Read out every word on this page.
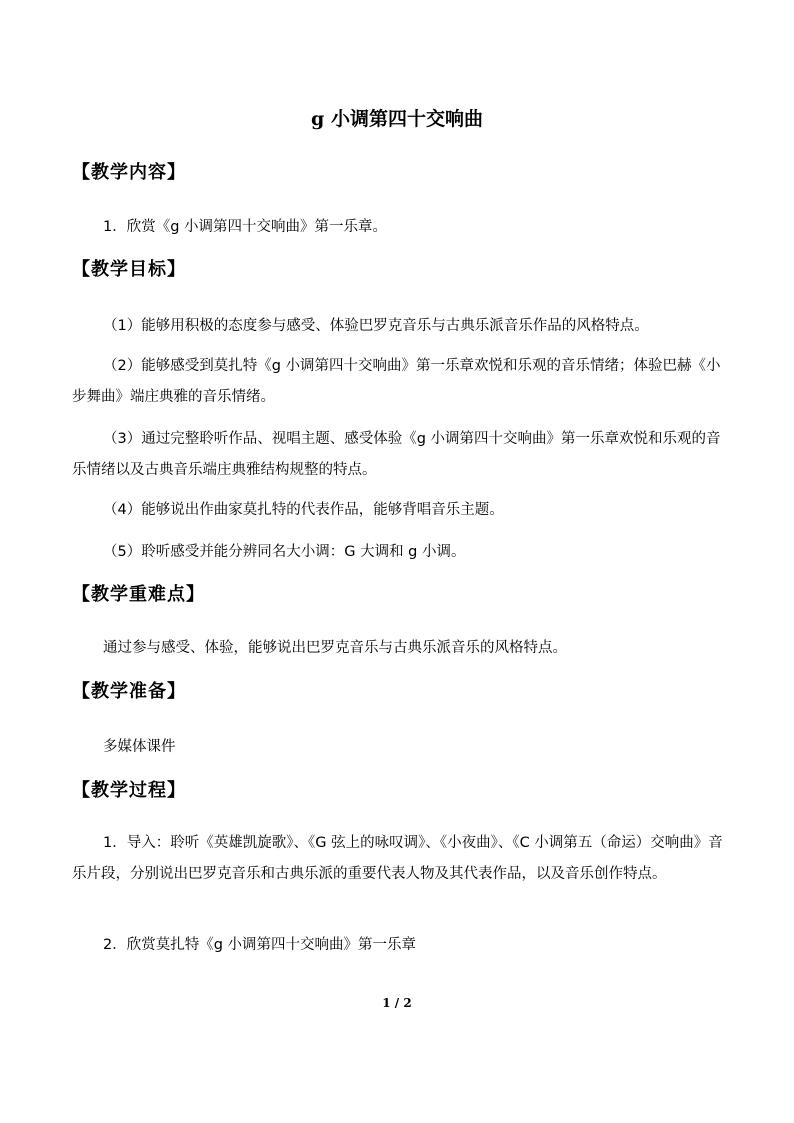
g 小调第四十交响曲
【教学内容】
1．欣赏《g 小调第四十交响曲》第一乐章。
【教学目标】
（1）能够用积极的态度参与感受、体验巴罗克音乐与古典乐派音乐作品的风格特点。
（2）能够感受到莫扎特《g 小调第四十交响曲》第一乐章欢悦和乐观的音乐情绪；体验巴赫《小步舞曲》端庄典雅的音乐情绪。
（3）通过完整聆听作品、视唱主题、感受体验《g 小调第四十交响曲》第一乐章欢悦和乐观的音乐情绪以及古典音乐端庄典雅结构规整的特点。
（4）能够说出作曲家莫扎特的代表作品，能够背唱音乐主题。
（5）聆听感受并能分辨同名大小调：G 大调和 g 小调。
【教学重难点】
通过参与感受、体验，能够说出巴罗克音乐与古典乐派音乐的风格特点。
【教学准备】
多媒体课件
【教学过程】
1．导入：聆听《英雄凯旋歌》、《G 弦上的咏叹调》、《小夜曲》、《C 小调第五（命运）交响曲》音乐片段，分别说出巴罗克音乐和古典乐派的重要代表人物及其代表作品，以及音乐创作特点。
2．欣赏莫扎特《g 小调第四十交响曲》第一乐章
1 / 2
